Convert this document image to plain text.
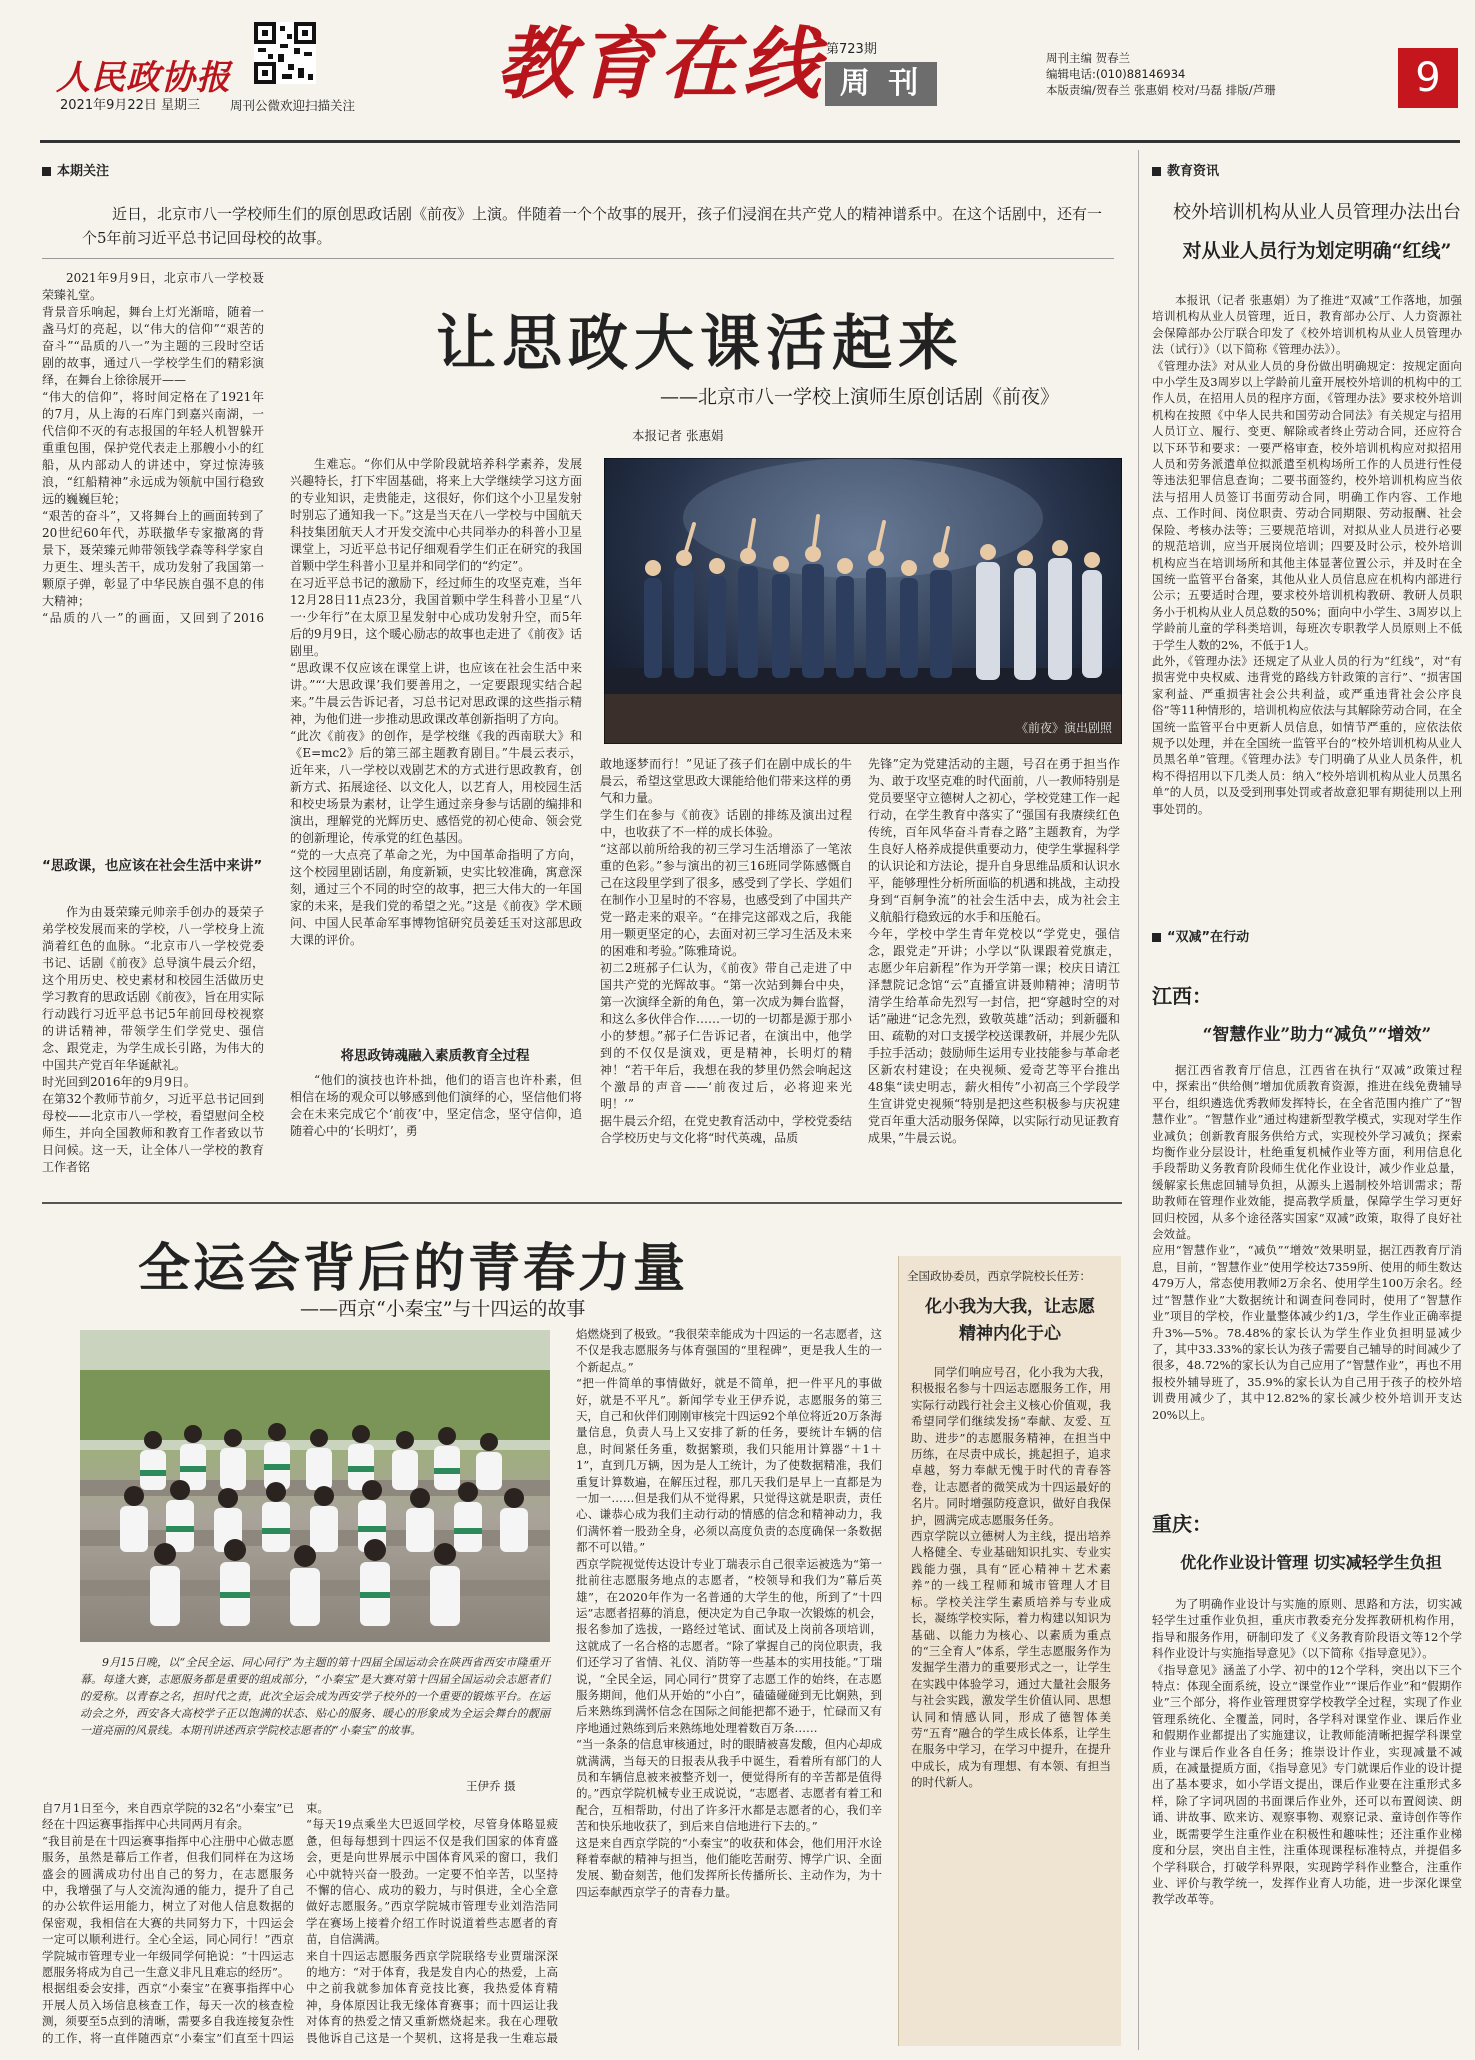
人民政协报
2021年9月22日 星期三 周刊公微欢迎扫描关注 教育在线 第723期
周 刊
周刊主编 贺春兰
编辑电话:(010)88146934
本版责编/贺春兰 张惠娟 校对/马磊 排版/芦珊	9
本期关注
近日，北京市八一学校师生们的原创思政话剧《前夜》上演。伴随着一个个故事的展开，孩子们浸润在共产党人的精神谱系中。在这个话剧中，还有一个5年前习近平总书记回母校的故事。
让思政大课活起来
——北京市八一学校上演师生原创话剧《前夜》
本报记者 张惠娟
《前夜》演出剧照
2021年9月9日，北京市八一学校聂荣臻礼堂。
背景音乐响起，舞台上灯光渐暗，随着一盏马灯的亮起，以“伟大的信仰”“艰苦的奋斗”“品质的八一”为主题的三段时空话剧的故事，通过八一学校学生们的精彩演绎，在舞台上徐徐展开——
“伟大的信仰”，将时间定格在了1921年的7月，从上海的石库门到嘉兴南湖，一代信仰不灭的有志报国的年轻人机智躲开重重包围，保护党代表走上那艘小小的红船，从内部动人的讲述中，穿过惊涛骇浪，“红船精神”永远成为领航中国行稳致远的巍巍巨轮；
“艰苦的奋斗”，又将舞台上的画面转到了20世纪60年代，苏联撤华专家撤离的背景下，聂荣臻元帅带领钱学森等科学家自力更生、埋头苦干，成功发射了我国第一颗原子弹，彰显了中华民族自强不息的伟大精神；
“品质的八一”的画面，又回到了2016

“思政课，也应该在社会生活中来讲”
作为由聂荣臻元帅亲手创办的聂荣子弟学校发展而来的学校，八一学校身上流淌着红色的血脉。“北京市八一学校党委书记、话剧《前夜》总导演牛晨云介绍，这个用历史、校史素材和校园生活做历史学习教育的思政话剧《前夜》，旨在用实际行动践行习近平总书记5年前回母校视察的讲话精神，带领学生们学党史、强信念、跟党走，为学生成长引路，为伟大的中国共产党百年华诞献礼。
时光回到2016年的9月9日。
在第32个教师节前夕，习近平总书记回到母校——北京市八一学校，看望慰问全校师生，并向全国教师和教育工作者致以节日问候。这一天，让全体八一学校的教育工作者铭
生难忘。“你们从中学阶段就培养科学素养，发展兴趣特长，打下牢固基础，将来上大学继续学习这方面的专业知识，走贵能走，这很好，你们这个小卫星发射时别忘了通知我一下。”这是当天在八一学校与中国航天科技集团航天人才开发交流中心共同举办的科普小卫星课堂上，习近平总书记仔细观看学生们正在研究的我国首颗中学生科普小卫星并和同学们的“约定”。
在习近平总书记的激励下，经过师生的攻坚克难，当年12月28日11点23分，我国首颗中学生科普小卫星“八一·少年行”在太原卫星发射中心成功发射升空，而5年后的9月9日，这个暖心励志的故事也走进了《前夜》话剧里。
“思政课不仅应该在课堂上讲，也应该在社会生活中来讲。”“‘大思政课’我们要善用之，一定要跟现实结合起来。”牛晨云告诉记者，习总书记对思政课的这些指示精神，为他们进一步推动思政课改革创新指明了方向。
“此次《前夜》的创作，是学校继《我的西南联大》和《E=mc2》后的第三部主题教育剧目。”牛晨云表示，近年来，八一学校以戏剧艺术的方式进行思政教育，创新方式、拓展途径、以文化人，以艺育人，用校园生活和校史场景为素材，让学生通过亲身参与话剧的编排和演出，理解党的光辉历史、感悟党的初心使命、领会党的创新理论，传承党的红色基因。
“党的一大点亮了革命之光，为中国革命指明了方向，这个校园里剧话剧，角度新颖，史实比较准确，寓意深刻，通过三个不同的时空的故事，把三大伟大的一年国家的未来，是我们党的希望之光。”这是《前夜》学术顾问、中国人民革命军事博物馆研究员姜廷玉对这部思政大课的评价。
将思政铸魂融入素质教育全过程
“他们的演技也许朴拙，他们的语言也许朴素，但相信在场的观众可以够感到他们演绎的心，坚信他们将会在未来完成它个‘前夜’中，坚定信念，坚守信仰，追随着心中的‘长明灯’，勇
敢地逐梦而行！”见证了孩子们在剧中成长的牛晨云，希望这堂思政大课能给他们带来这样的勇气和力量。
学生们在参与《前夜》话剧的排练及演出过程中，也收获了不一样的成长体验。
“这部以前所给我的初三学习生活增添了一笔浓重的色彩。”参与演出的初三16班同学陈感慨自己在这段里学到了很多，感受到了学长、学姐们在制作小卫星时的不容易，也感受到了中国共产党一路走来的艰辛。“在排完这部戏之后，我能用一颗更坚定的心，去面对初三学习生活及未来的困难和考验。”陈雅琦说。
初二2班郝子仁认为，《前夜》带自己走进了中国共产党的光辉故事。“第一次站到舞台中央，第一次演绎全新的角色，第一次成为舞台监督，和这么多伙伴合作……一切的一切都是源于那小小的梦想。”郝子仁告诉记者，在演出中，他学到的不仅仅是演戏，更是精神，长明灯的精神！“若干年后，我想在我的梦里仍然会响起这个激昂的声音——‘前夜过后，必将迎来光明！’”
据牛晨云介绍，在党史教育活动中，学校党委结合学校历史与文化将“时代英魂，品质
先锋”定为党建活动的主题，号召在勇于担当作为、敢于攻坚克难的时代面前，八一教师特别是党员要坚守立德树人之初心，学校党建工作一起行动，在学生教育中落实了“强国有我赓续红色传统，百年风华奋斗青春之路”主题教育，为学生良好人格养成提供重要动力，使学生掌握科学的认识论和方法论，提升自身思维品质和认识水平，能够理性分析所面临的机遇和挑战，主动投身到“百舸争流”的社会生活中去，成为社会主义航船行稳致远的水手和压舱石。
今年，学校中学生青年党校以“学党史，强信念，跟党走”开讲；小学以“队课跟着党旗走，志愿少年启新程”作为开学第一课；校庆日请江泽慧院记念馆“云”直播宣讲聂帅精神；清明节清学生给革命先烈写一封信，把“穿越时空的对话”融进“记念先烈，致敬英雄”活动；到新疆和田、疏勒的对口支援学校送课教研，并展少先队手拉手活动；鼓励师生运用专业技能参与革命老区新农村建设；在央视频、爱奇艺等平台推出48集“读史明志，薪火相传”小初高三个学段学生宣讲党史视频“特别是把这些积极参与庆祝建党百年重大活动服务保障，以实际行动见证教育成果，”牛晨云说。
全运会背后的青春力量
——西京“小秦宝”与十四运的故事
9月15日晚，以“全民全运、同心同行”为主题的第十四届全国运动会在陕西省西安市隆重开幕。每逢大赛，志愿服务都是重要的组成部分，“小秦宝”是大赛对第十四届全国运动会志愿者们的爱称。以青春之名，担时代之责，此次全运会成为西安学子校外的一个重要的锻炼平台。在运动会之外，西安各大高校学子正以饱满的状态、贴心的服务、暖心的形象成为全运会舞台的靓丽一道亮丽的风景线。本期刊讲述西京学院校志愿者的“小秦宝”的故事。
王伊乔 摄
焰燃烧到了极致。“我很荣幸能成为十四运的一名志愿者，这不仅是我志愿服务与体育强国的“里程碑”，更是我人生的一个新起点。”
“把一件简单的事情做好，就是不简单，把一件平凡的事做好，就是不平凡”。新闻学专业王伊乔说，志愿服务的第三天，自己和伙伴们刚刚审核完十四运92个单位将近20万条海量信息，负责人马上又安排了新的任务，要统计车辆的信息，时间紧任务重，数据繁琐，我们只能用计算器“＋1＋1”，直到几万辆，因为是人工统计，为了使数据精准，我们重复计算数遍，在解压过程，那几天我们是早上一直都是为一加一……但是我们从不觉得累，只觉得这就是职责，责任心、谦恭心成为我们主动行动的情感的信念和精神动力，我们满怀着一股劲全身，必须以高度负责的态度确保一条数据都不可以错。”
西京学院视觉传达设计专业丁瑞表示自己很幸运被选为“第一批前往志愿服务地点的志愿者，“校领导和我们为”幕后英雄”，在2020年作为一名普通的大学生的他，所到了“十四运”志愿者招募的消息，便决定为自己争取一次锻炼的机会，报名参加了选拔，一路经过笔试、面试及上岗前各项培训，这就成了一名合格的志愿者。“除了掌握自己的岗位职责，我们还学习了省情、礼仪、消防等一些基本的实用技能。”丁瑞说，“全民全运，同心同行”贯穿了志愿工作的始终，在志愿服务期间，他们从开始的“小白”，磕磕碰碰到无比娴熟，到后来熟练到满怀信念在国际之间能把都不逊于，忙碌而又有序地通过熟练到后来熟练地处理着数百万条……
“当一条条的信息审核通过，时的眼睛被喜发酸，但内心却成就满满，当每天的日报表从我手中诞生，看着所有部门的人员和车辆信息被来被整齐划一，便觉得所有的辛苦都是值得的。”西京学院机械专业王成说说，“志愿者、志愿者有着工和配合，互相帮助，付出了许多汗水都是志愿者的心，我们辛苦和快乐地收获了，到后来自信地进行下去的。”
这是来自西京学院的“小秦宝”的收获和体会，他们用汗水诠释着奉献的精神与担当，他们能吃苦耐劳、博学广识、全面发展、勤奋刻苦，他们发挥所长传播所长、主动作为，为十四运奉献西京学子的青春力量。
自7月1日至今，来自西京学院的32名“小秦宝”已经在十四运赛事指挥中心共同两月有余。
“我目前是在十四运赛事指挥中心注册中心做志愿服务，虽然是幕后工作者，但我们同样在为这场盛会的圆满成功付出自己的努力，在志愿服务中，我增强了与人交流沟通的能力，提升了自己的办公软件运用能力，树立了对他人信息数据的保密观，我相信在大赛的共同努力下，十四运会一定可以顺利进行。全心全运，同心同行！”西京学院城市管理专业一年级同学何艳说：“十四运志愿服务将成为自己一生意义非凡且难忘的经历”。
根据组委会安排，西京“小秦宝”在赛事指挥中心开展人员入场信息核查工作，每天一次的核查检测，须要至5点到的清晰，需要多自我连接复杂性的工作，将一直伴随西京“小秦宝”们直至十四运
束。
“每天19点乘坐大巴返回学校，尽管身体略显疲惫，但每每想到十四运不仅是我们国家的体育盛会，更是向世界展示中国体育风采的窗口，我们心中就特兴奋一股劲。一定要不怕辛苦，以坚持不懈的信心、成功的毅力，与时俱进，全心全意做好志愿服务。”西京学院城市管理专业刘浩浩同学在赛场上接着介绍工作时说道着些志愿者的育苗，自信满满。
来自十四运志愿服务西京学院联络专业贾瑞深深的地方：“对于体育，我是发自内心的热爱，上高中之前我就参加体育竞技比赛，我热爱体育精神，身体原因让我无缘体育赛事；而十四运让我对体育的热爱之情又重新燃烧起来。我在心理敬畏他诉自己这是一个契机，这将是我一生难忘最
全国政协委员，西京学院校长任芳：
化小我为大我，让志愿精神内化于心
同学们响应号召，化小我为大我，积极报名参与十四运志愿服务工作，用实际行动践行社会主义核心价值观，我希望同学们继续发扬“奉献、友爱、互助、进步”的志愿服务精神，在担当中历练，在尽责中成长，挑起担子，追求卓越，努力奉献无愧于时代的青春答卷，让志愿者的微笑成为十四运最好的名片。同时增强防疫意识，做好自我保护，圆满完成志愿服务任务。
西京学院以立德树人为主线，提出培养人格健全、专业基础知识扎实、专业实践能力强，具有“匠心精神＋艺术素养”的一线工程师和城市管理人才目标。学校关注学生素质培养与专业成长，凝练学校实际，着力构建以知识为基础、以能力为核心、以素质为重点的“三全育人”体系，学生志愿服务作为发掘学生潜力的重要形式之一，让学生在实践中体验学习，通过大量社会服务与社会实践，激发学生价值认同、思想认同和情感认同，形成了德智体美劳“五育”融合的学生成长体系，让学生在服务中学习，在学习中提升，在提升中成长，成为有理想、有本领、有担当的时代新人。
教育资讯
校外培训机构从业人员管理办法出台
对从业人员行为划定明确“红线”
本报讯（记者 张惠娟）为了推进“双减”工作落地，加强培训机构从业人员管理，近日，教育部办公厅、人力资源社会保障部办公厅联合印发了《校外培训机构从业人员管理办法（试行）》（以下简称《管理办法》）。
《管理办法》对从业人员的身份做出明确规定：按规定面向中小学生及3周岁以上学龄前儿童开展校外培训的机构中的工作人员，在招用人员的程序方面，《管理办法》要求校外培训机构在按照《中华人民共和国劳动合同法》有关规定与招用人员订立、履行、变更、解除或者终止劳动合同，还应符合以下环节和要求：一要严格审查，校外培训机构应对拟招用人员和劳务派遣单位拟派遣至机构场所工作的人员进行性侵等违法犯罪信息查询；二要书面签约，校外培训机构应当依法与招用人员签订书面劳动合同，明确工作内容、工作地点、工作时间、岗位职责、劳动合同期限、劳动报酬、社会保险、考核办法等；三要规范培训，对拟从业人员进行必要的规范培训，应当开展岗位培训；四要及时公示，校外培训机构应当在培训场所和其他主体显著位置公示，并及时在全国统一监管平台备案，其他从业人员信息应在机构内部进行公示；五要适时合理，要求校外培训机构教研、教研人员职务小于机构从业人员总数的50%；面向中小学生、3周岁以上学龄前儿童的学科类培训，每班次专职教学人员原则上不低于学生人数的2%，不低于1人。
此外，《管理办法》还规定了从业人员的行为“红线”，对“有损害党中央权威、违背党的路线方针政策的言行”、“损害国家利益、严重损害社会公共利益，或严重违背社会公序良俗”等11种情形的，培训机构应依法与其解除劳动合同，在全国统一监管平台中更新人员信息，如情节严重的，应依法依规予以处理，并在全国统一监管平台的“校外培训机构从业人员黑名单”管理。《管理办法》专门明确了从业人员条件，机构不得招用以下几类人员：纳入“校外培训机构从业人员黑名单”的人员，以及受到刑事处罚或者故意犯罪有期徒刑以上刑事处罚的。
“双减”在行动
江西：
“智慧作业”助力“减负”“增效”
据江西省教育厅信息，江西省在执行“双减”政策过程中，探索出“供给侧”增加优质教育资源，推进在线免费辅导平台，组织遴选优秀教师发挥特长，在全省范围内推广了“智慧作业”。“智慧作业”通过构建新型教学模式，实现对学生作业减负；创新教育服务供给方式，实现校外学习减负；探索均衡作业分层设计，杜绝重复机械作业等方面，利用信息化手段帮助义务教育阶段师生优化作业设计，减少作业总量，缓解家长焦虑回辅导负担，从源头上遏制校外培训需求；帮助教师在管理作业效能，提高教学质量，保障学生学习更好回归校园，从多个途径落实国家“双减”政策，取得了良好社会效益。
应用“智慧作业”，“减负”“增效”效果明显，据江西教育厅消息，目前，“智慧作业”使用学校达7359所、使用的师生数达479万人，常态使用教师2万余名、使用学生100万余名。经过“智慧作业”大数据统计和调查问卷同时，使用了“智慧作业”项目的学校，作业量整体减少约1/3，学生作业正确率提升3%—5%。78.48%的家长认为学生作业负担明显减少了，其中33.33%的家长认为孩子需要自己辅导的时间减少了很多，48.72%的家长认为自己应用了“智慧作业”，再也不用报校外辅导班了，35.9%的家长认为自己用于孩子的校外培训费用减少了，其中12.82%的家长减少校外培训开支达20%以上。
重庆：
优化作业设计管理 切实减轻学生负担
为了明确作业设计与实施的原则、思路和方法，切实减轻学生过重作业负担，重庆市教委充分发挥教研机构作用，指导和服务作用，研制印发了《义务教育阶段语文等12个学科作业设计与实施指导意见》（以下简称《指导意见》）。
《指导意见》涵盖了小学、初中的12个学科，突出以下三个特点：体现全面系统，设立“课堂作业”“课后作业”和“假期作业”三个部分，将作业管理贯穿学校教学全过程，实现了作业管理系统化、全覆盖，同时，各学科对课堂作业、课后作业和假期作业都提出了实施建议，让教师能清晰把握学科课堂作业与课后作业各自任务；推崇设计作业，实现减量不减质，在减量提质方面，《指导意见》专门就课后作业的设计提出了基本要求，如小学语文提出，课后作业要在注重形式多样，除了字词巩固的书面课后作业外，还可以布置阅读、朗诵、讲故事、欧来访、观察事物、观察记录、童诗创作等作业，既需要学生注重作业在积极性和趣味性；还注重作业梯度和分层，突出自主性，注重体现课程标准特点，并提倡多个学科联合，打破学科界限，实现跨学科作业整合，注重作业、评价与教学统一，发挥作业育人功能，进一步深化课堂教学改革等。
